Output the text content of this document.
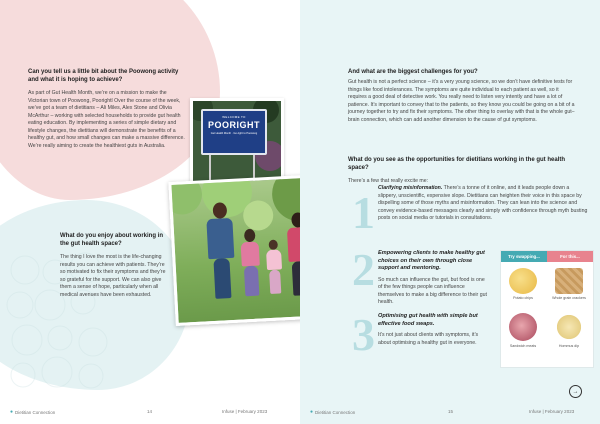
Can you tell us a little bit about the Poowong activity and what it is hoping to achieve?

As part of Gut Health Month, we’re on a mission to make the Victorian town of Poowong, Poorightl Over the course of the week, we’ve got a team of dietitians – Ali Miles, Alex Stone and Olivia McArthur – working with selected households to provide gut health eating education. By implementing a series of simple dietary and lifestyle changes, the dietitians will demonstrate the benefits of a healthy gut, and how small changes can make a massive difference. We’re really aiming to create the healthiest guts in Australia.

WELCOME TO
POORIGHT
Gut Health Month · Go-right to Poowong
What do you enjoy about working in the gut health space?

The thing I love the most is the life-changing results you can achieve with patients. They’re so motivated to fix their symptoms and they’re so grateful for the support. We can also give them a sense of hope, particularly when all medical avenues have been exhausted.

● Dietitian Connection	14	Infuse | February 2023
And what are the biggest challenges for you?

Gut health is not a perfect science – it’s a very young science, so we don’t have definitive tests for things like food intolerances. The symptoms are quite individual to each patient as well, so it requires a good deal of detective work. You really need to listen very intently and have a lot of patience. It’s important to convey that to the patients, so they know you could be going on a bit of a journey together to try and fix their symptoms. The other thing to overlay with that is the whole gut–brain connection, which can add another dimension to the cause of gut symptoms.

What do you see as the opportunities for dietitians working in the gut health space?

There’s a few that really excite me:

1 Clarifying misinformation. There’s a tonne of it online, and it leads people down a slippery, unscientific, expensive slope. Dietitians can heighten their voice in this space by dispelling some of those myths and misinformation. They can lean into the science and convey evidence-based messages clearly and simply with confidence through myth busting posts on social media or tutorials in consultations.

2 Empowering clients to make healthy gut choices on their own through close support and mentoring.

So much can influence the gut, but food is one of the few things people can influence themselves to make a big difference to their gut health.

3 Optimising gut health with simple but effective food swaps.

It’s not just about clients with symptoms, it’s about optimising a healthy gut in everyone.

Try swapping...	For this...
Potato chips	Whole grain crackers
Sandwich meats	Hommus dip
→
● Dietitian Connection	15	Infuse | February 2023
